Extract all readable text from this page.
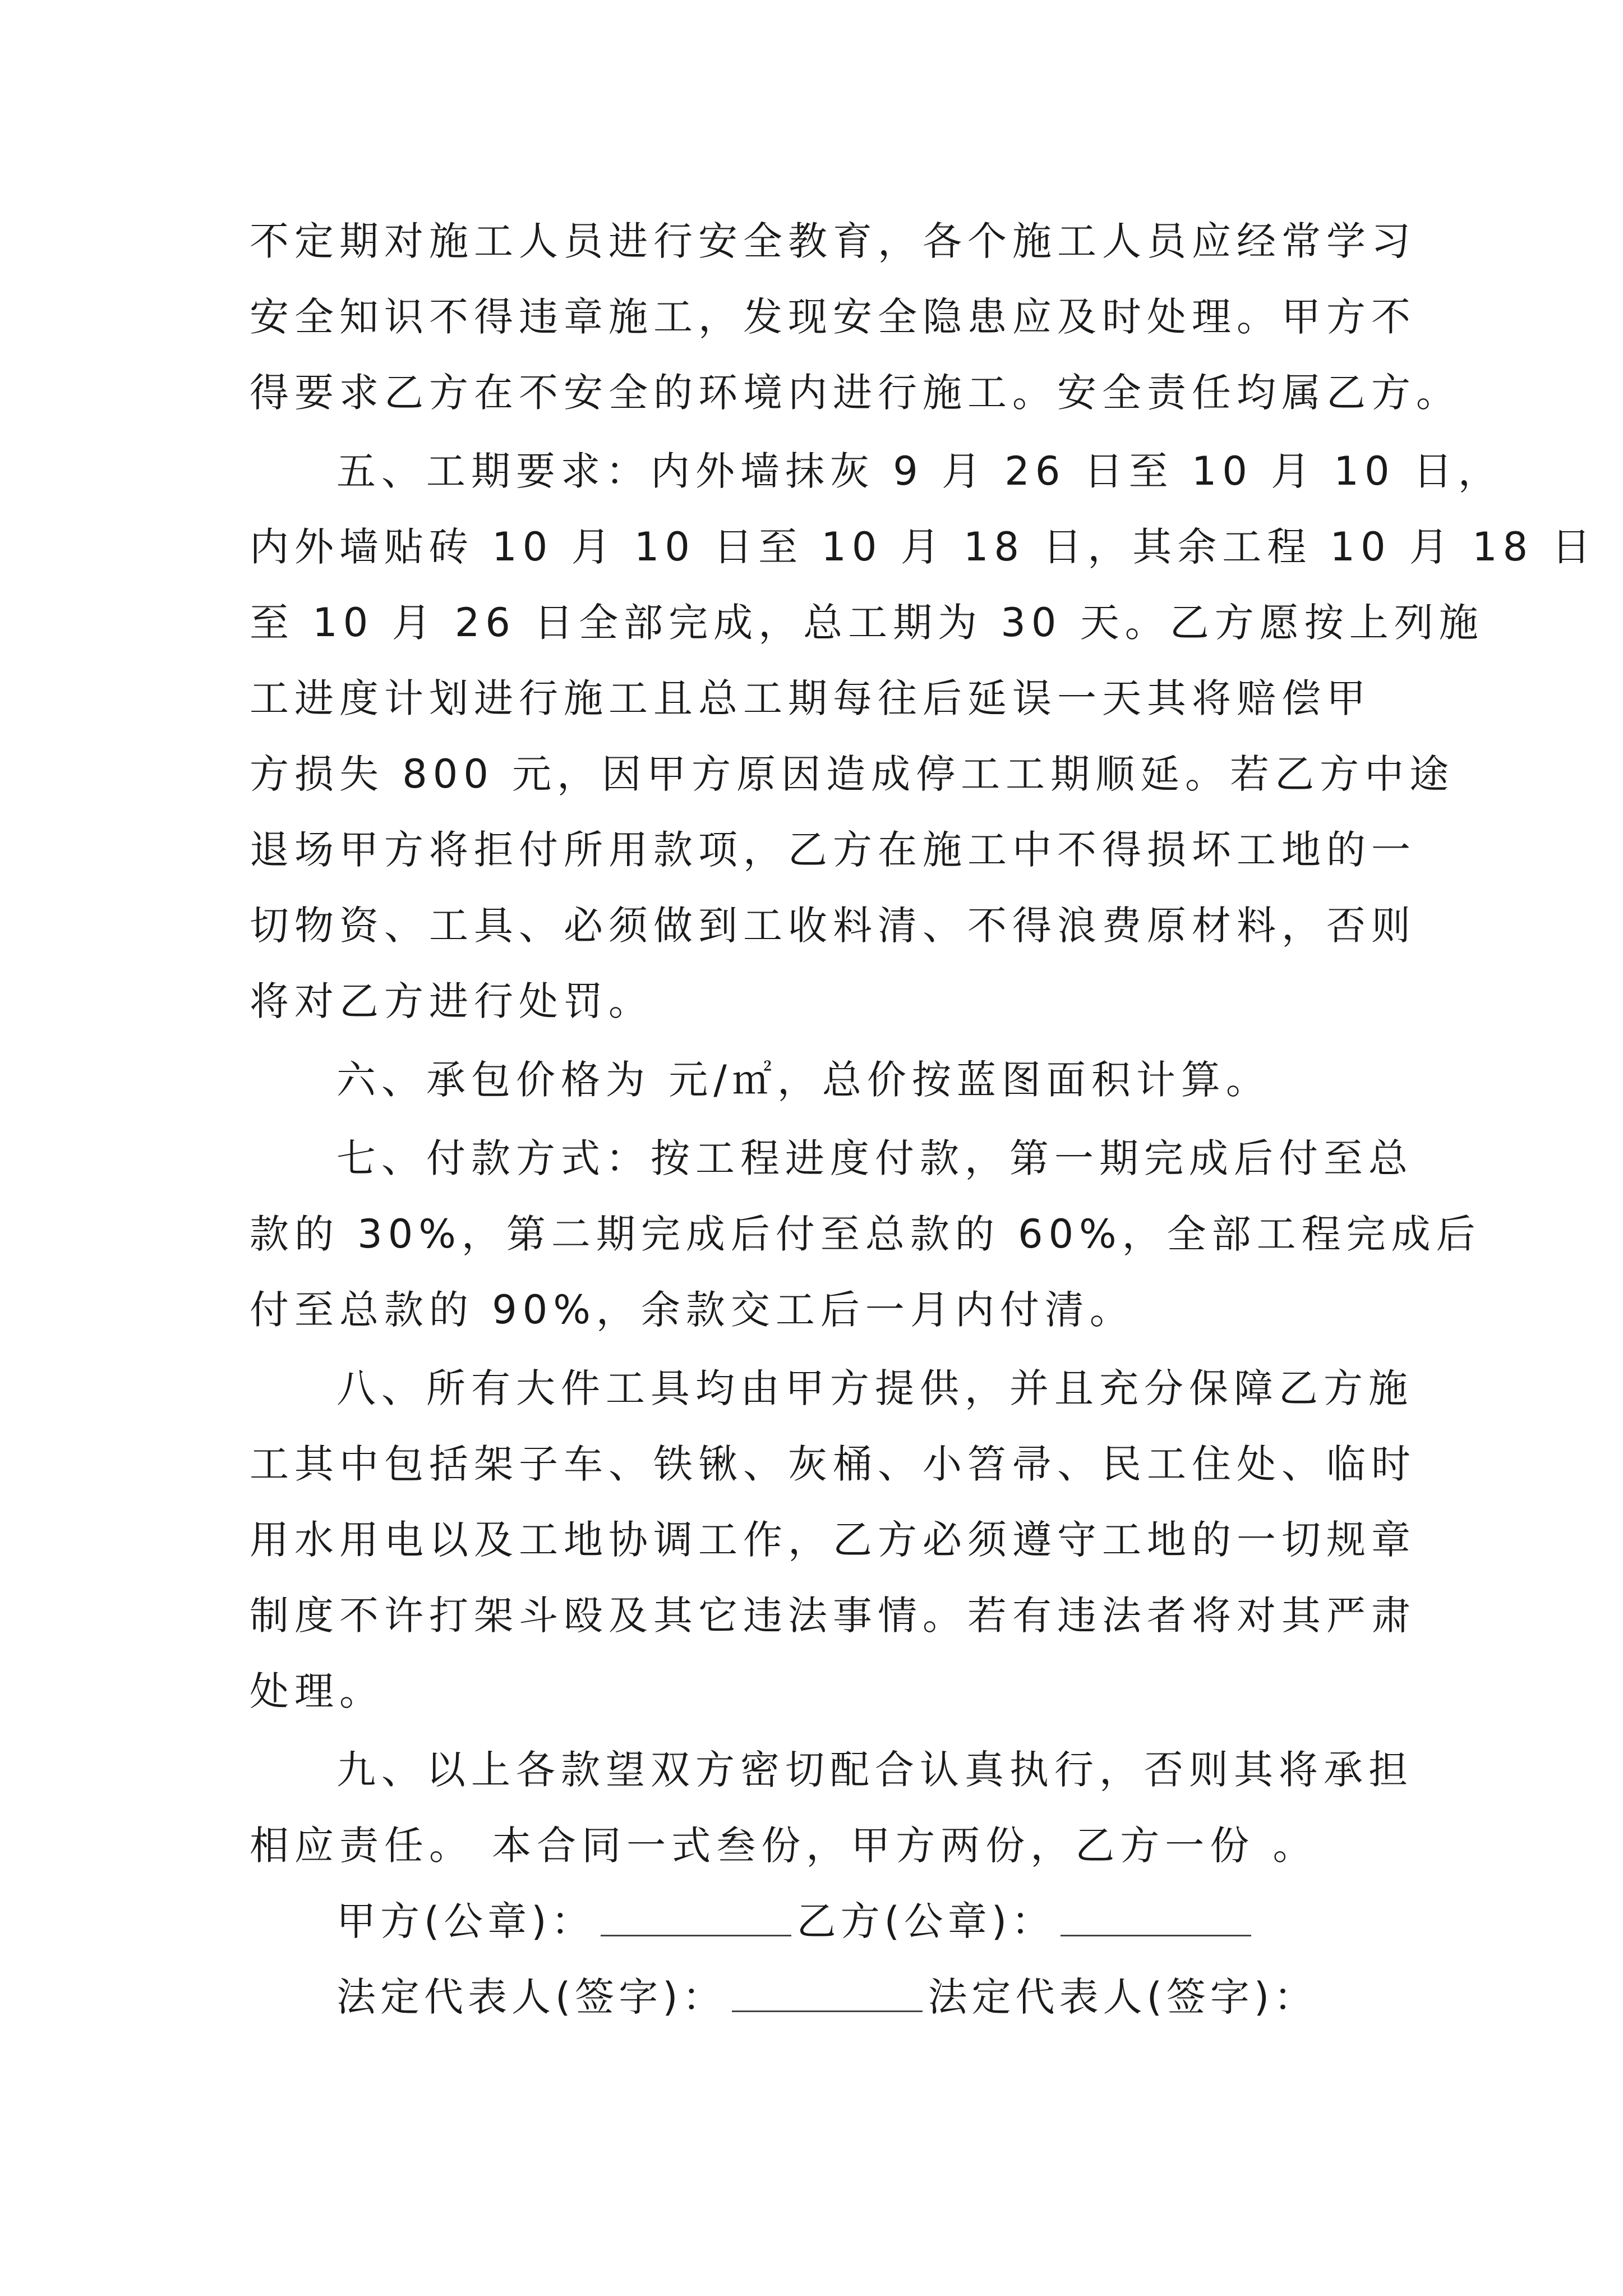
不定期对施工人员进行安全教育，各个施工人员应经常学习
安全知识不得违章施工，发现安全隐患应及时处理。甲方不
得要求乙方在不安全的环境内进行施工。安全责任均属乙方。
五、工期要求：内外墙抹灰 9 月 26 日至 10 月 10 日，
内外墙贴砖 10 月 10 日至 10 月 18 日，其余工程 10 月 18 日
至 10 月 26 日全部完成，总工期为 30 天。乙方愿按上列施
工进度计划进行施工且总工期每往后延误一天其将赔偿甲
方损失 800 元，因甲方原因造成停工工期顺延。若乙方中途
退场甲方将拒付所用款项，乙方在施工中不得损坏工地的一
切物资、工具、必须做到工收料清、不得浪费原材料，否则
将对乙方进行处罚。
六、承包价格为 元/㎡，总价按蓝图面积计算。
七、付款方式：按工程进度付款，第一期完成后付至总
款的 30%，第二期完成后付至总款的 60%，全部工程完成后
付至总款的 90%，余款交工后一月内付清。
八、所有大件工具均由甲方提供，并且充分保障乙方施
工其中包括架子车、铁锹、灰桶、小笤帚、民工住处、临时
用水用电以及工地协调工作，乙方必须遵守工地的一切规章
制度不许打架斗殴及其它违法事情。若有违法者将对其严肃
处理。
九、以上各款望双方密切配合认真执行，否则其将承担
相应责任。 本合同一式叁份，甲方两份，乙方一份 。
甲方(公章)：	乙方(公章)：
法定代表人(签字)：	法定代表人(签字)：
